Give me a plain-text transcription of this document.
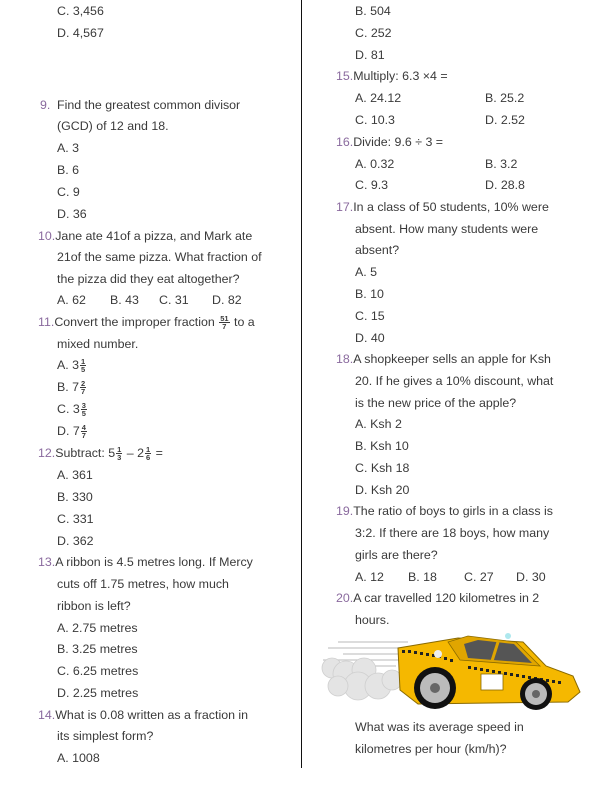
C. 3,456
D. 4,567
9. Find the greatest common divisor
(GCD) of 12 and 18.
A. 3
B. 6
C. 9
D. 36
10.Jane ate 41of a pizza, and Mark ate
21of the same pizza. What fraction of
the pizza did they eat altogether?
A. 62 B. 43 C. 31 D. 82
11.Convert the improper fraction $\frac{51}{7}$ to a
mixed number.
A. $3 \frac{1}{5}$
B. $7 \frac{2}{7}$
C. $3 \frac{3}{5}$
D. $7 \frac{4}{7}$
12.Subtract: $5 \frac{1}{3} - 2 \frac{1}{6}$ =
A. 361
B. 330
C. 331
D. 362
13.A ribbon is 4.5 metres long. If Mercy
cuts off 1.75 metres, how much
ribbon is left?
A. 2.75 metres
B. 3.25 metres
C. 6.25 metres
D. 2.25 metres
14.What is 0.08 written as a fraction in
its simplest form?
A. 1008
B. 504
C. 252
D. 81
15.Multiply: 6.3 ×4 =
A. 24.12	B. 25.2
C. 10.3	D. 2.52
16.Divide: 9.6 ÷ 3 =
A. 0.32	B. 3.2
C. 9.3	D. 28.8
17.In a class of 50 students, 10% were
absent. How many students were
absent?
A. 5
B. 10
C. 15
D. 40
18.A shopkeeper sells an apple for Ksh
20. If he gives a 10% discount, what
is the new price of the apple?
A. Ksh 2
B. Ksh 10
C. Ksh 18
D. Ksh 20
19.The ratio of boys to girls in a class is
3:2. If there are 18 boys, how many
girls are there?
A. 12 B. 18 C. 27 D. 30
20.A car travelled 120 kilometres in 2
hours.
What was its average speed in
kilometres per hour (km/h)?
